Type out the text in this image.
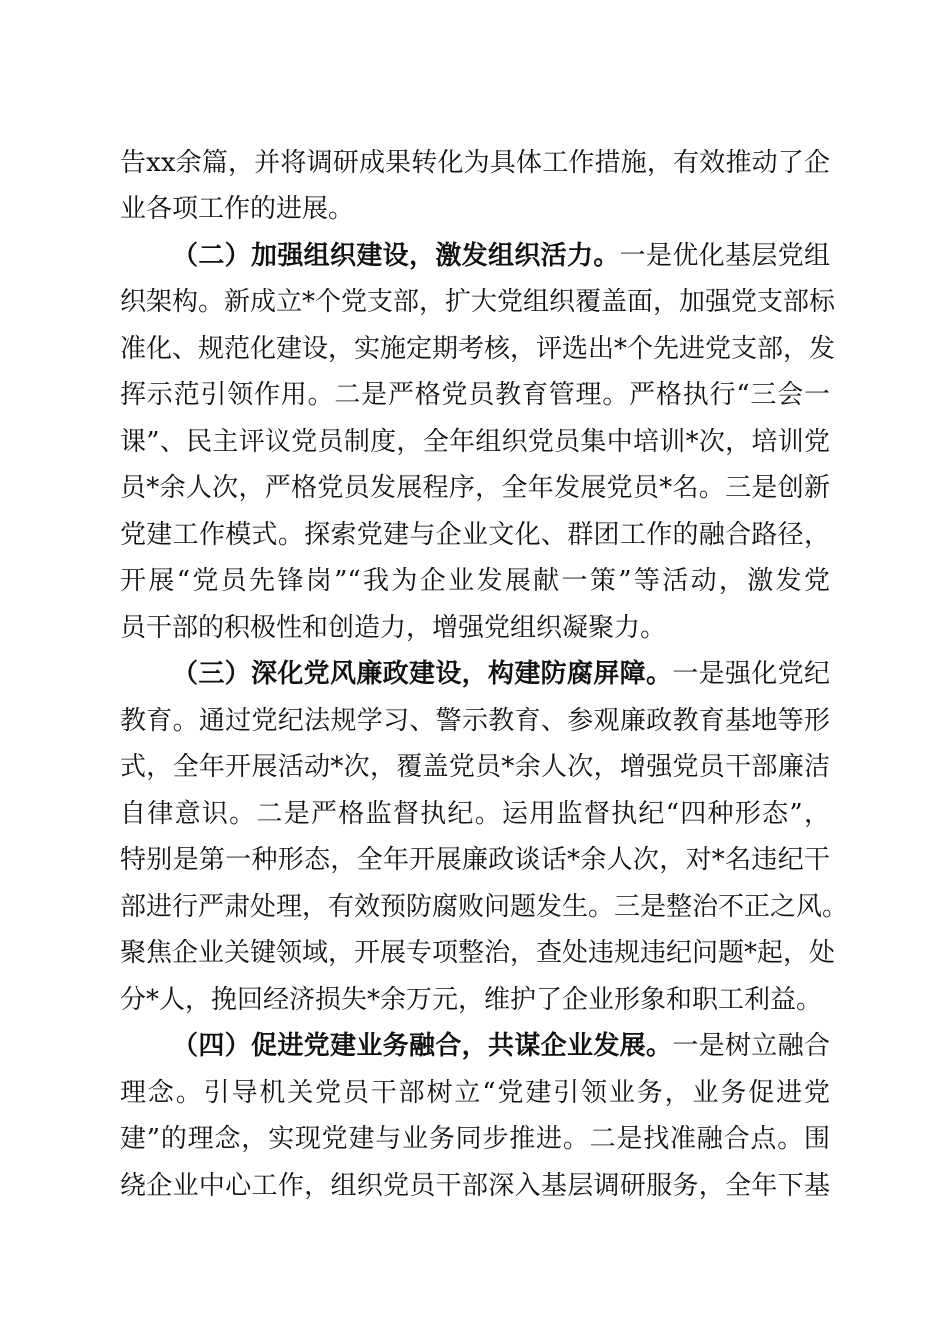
告xx余篇，并将调研成果转化为具体工作措施，有效推动了企
业各项工作的进展。
（二）加强组织建设，激发组织活力。一是优化基层党组
织架构。新成立*个党支部，扩大党组织覆盖面，加强党支部标
准化、规范化建设，实施定期考核，评选出*个先进党支部，发
挥示范引领作用。二是严格党员教育管理。严格执行“三会一
课”、民主评议党员制度，全年组织党员集中培训*次，培训党
员*余人次，严格党员发展程序，全年发展党员*名。三是创新
党建工作模式。探索党建与企业文化、群团工作的融合路径，
开展“党员先锋岗”“我为企业发展献一策”等活动，激发党
员干部的积极性和创造力，增强党组织凝聚力。
（三）深化党风廉政建设，构建防腐屏障。一是强化党纪
教育。通过党纪法规学习、警示教育、参观廉政教育基地等形
式，全年开展活动*次，覆盖党员*余人次，增强党员干部廉洁
自律意识。二是严格监督执纪。运用监督执纪“四种形态”，
特别是第一种形态，全年开展廉政谈话*余人次，对*名违纪干
部进行严肃处理，有效预防腐败问题发生。三是整治不正之风。
聚焦企业关键领域，开展专项整治，查处违规违纪问题*起，处
分*人，挽回经济损失*余万元，维护了企业形象和职工利益。
（四）促进党建业务融合，共谋企业发展。一是树立融合
理念。引导机关党员干部树立“党建引领业务，业务促进党
建”的理念，实现党建与业务同步推进。二是找准融合点。围
绕企业中心工作，组织党员干部深入基层调研服务，全年下基
